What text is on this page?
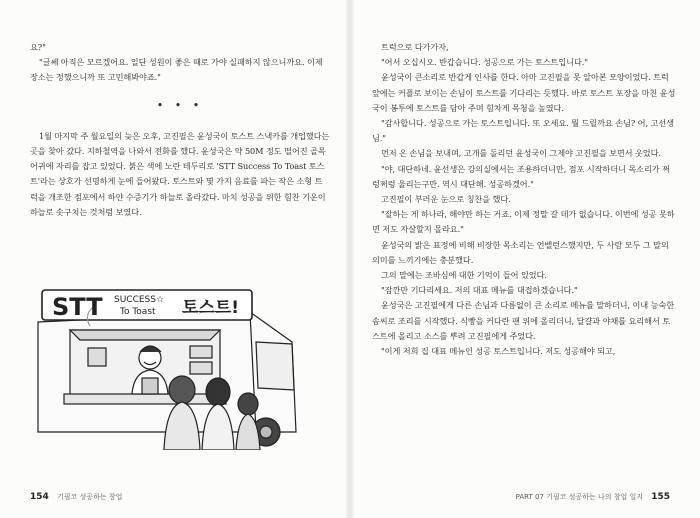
요?"

"글쎄 아직은 모르겠어요. 일단 성원이 좋은 때로 가야 실패하지 않으니까요. 이제 장소는 정했으니까 또 고민해봐야죠."

• • •

1월 마지막 주 월요일의 늦은 오후, 고진필은 윤성국이 토스트 스낵카를 개업했다는 곳을 찾아 갔다. 지하철역을 나와서 전화를 했다. 윤성국은 약 50M 정도 떨어진 골목 어귀에 자리를 잡고 있었다. 붉은 색에 노란 테두리로 'STT Success To Toast 토스트'라는 상호가 선명하게 눈에 들어왔다. 토스트와 몇 가지 음료를 파는 작은 소형 트럭을 개조한 점포에서 하얀 수증기가 하늘로 올라갔다. 마치 성공을 위한 힘찬 기운이 하늘로 솟구치는 것처럼 보였다.

STT SUCCESS☆
To Toast 토스트!

트럭으로 다가가자,

"어서 오십시오. 반갑습니다. 성공으로 가는 토스트입니다."

윤성국이 큰소리로 반갑게 인사를 한다. 아마 고진필을 못 알아본 모양이었다. 트럭 앞에는 커플로 보이는 손님이 토스트를 기다리는 듯했다. 바로 토스트 포장을 마친 윤성국이 봉투에 토스트를 담아 주며 힘차게 목청을 높였다.

"감사합니다. 성공으로 가는 토스트입니다. 또 오세요. 뭘 드릴까요 손님? 어, 고선생님."

먼저 온 손님을 보내며, 고개를 돌리던 윤성국이 그제야 고진필을 보면서 웃었다.

"야, 대단하네. 윤선생은 강의실에서는 조용하더니만, 점포 시작하더니 목소리가 쩌렁쩌렁 울리는구만. 역시 대단해. 성공하겠어."

고진필이 부러운 눈으로 칭찬을 했다.

"잘하는 게 하나라, 해야만 하는 거죠. 이제 정말 갈 데가 없습니다. 이번에 성공 못하면 저도 자살할지 몰라요."

윤성국의 밝은 표정에 비해 비장한 목소리는 언밸런스했지만, 두 사람 모두 그 말의 의미를 느끼기에는 충분했다.

그의 말에는 조바심에 대한 기억이 들어 있었다.

"잠깐만 기다리세요. 저의 대표 메뉴를 대접하겠습니다."

윤성국은 고진필에게 다른 손님과 다름없이 큰 소리로 메뉴를 말하더니, 이내 능숙한 솜씨로 조리를 시작했다. 식빵을 커다란 팬 위에 올리더니, 달걀과 야채를 요리해서 토스트에 올리고 소스를 뿌려 고진필에게 주었다.

"이게 저희 집 대표 메뉴인 성공 토스트입니다. 저도 성공해야 되고,

154 기필코 성공하는 창업	PART 07 기필코 성공하는 나의 창업 일지 155
